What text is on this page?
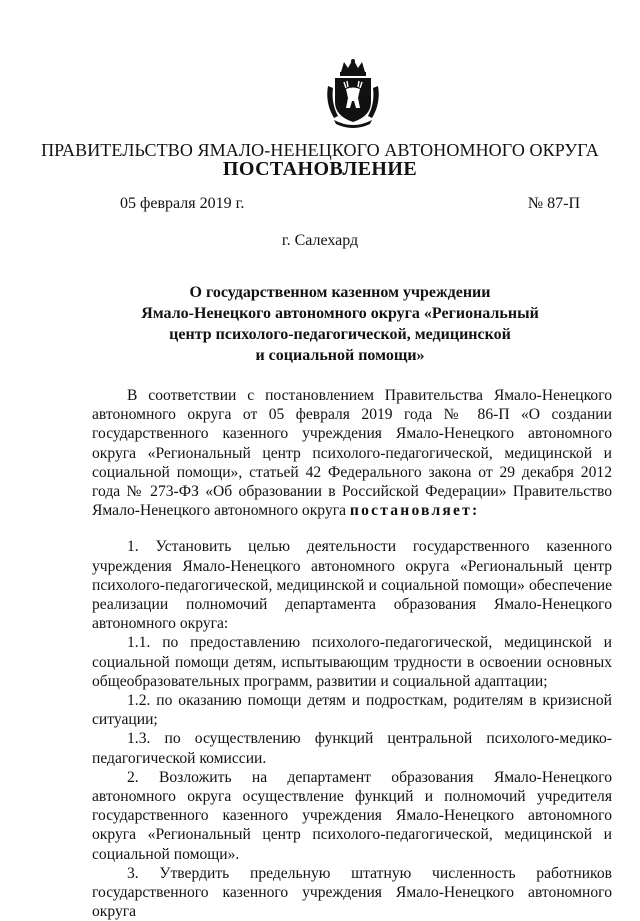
ПРАВИТЕЛЬСТВО ЯМАЛО-НЕНЕЦКОГО АВТОНОМНОГО ОКРУГА
ПОСТАНОВЛЕНИЕ
05 февраля 2019 г.	№ 87-П
г. Салехард
О государственном казенном учреждении
Ямало-Ненецкого автономного округа «Региональный
центр психолого-педагогической, медицинской
и социальной помощи»

В соответствии с постановлением Правительства Ямало-Ненецкого автономного округа от 05 февраля 2019 года № 86-П «О создании государственного казенного учреждения Ямало-Ненецкого автономного округа «Региональный центр психолого-педагогической, медицинской и социальной помощи», статьей 42 Федерального закона от 29 декабря 2012 года № 273-ФЗ «Об образовании в Российской Федерации» Правительство Ямало-Ненецкого автономного округа постановляет:

1. Установить целью деятельности государственного казенного учреждения Ямало-Ненецкого автономного округа «Региональный центр психолого-педагогической, медицинской и социальной помощи» обеспечение реализации полномочий департамента образования Ямало-Ненецкого автономного округа:

1.1. по предоставлению психолого-педагогической, медицинской и социальной помощи детям, испытывающим трудности в освоении основных общеобразовательных программ, развитии и социальной адаптации;

1.2. по оказанию помощи детям и подросткам, родителям в кризисной ситуации;

1.3. по осуществлению функций центральной психолого-медико-педагогической комиссии.

2. Возложить на департамент образования Ямало-Ненецкого автономного округа осуществление функций и полномочий учредителя государственного казенного учреждения Ямало-Ненецкого автономного округа «Региональный центр психолого-педагогической, медицинской и социальной помощи».

3. Утвердить предельную штатную численность работников государственного казенного учреждения Ямало-Ненецкого автономного округа
